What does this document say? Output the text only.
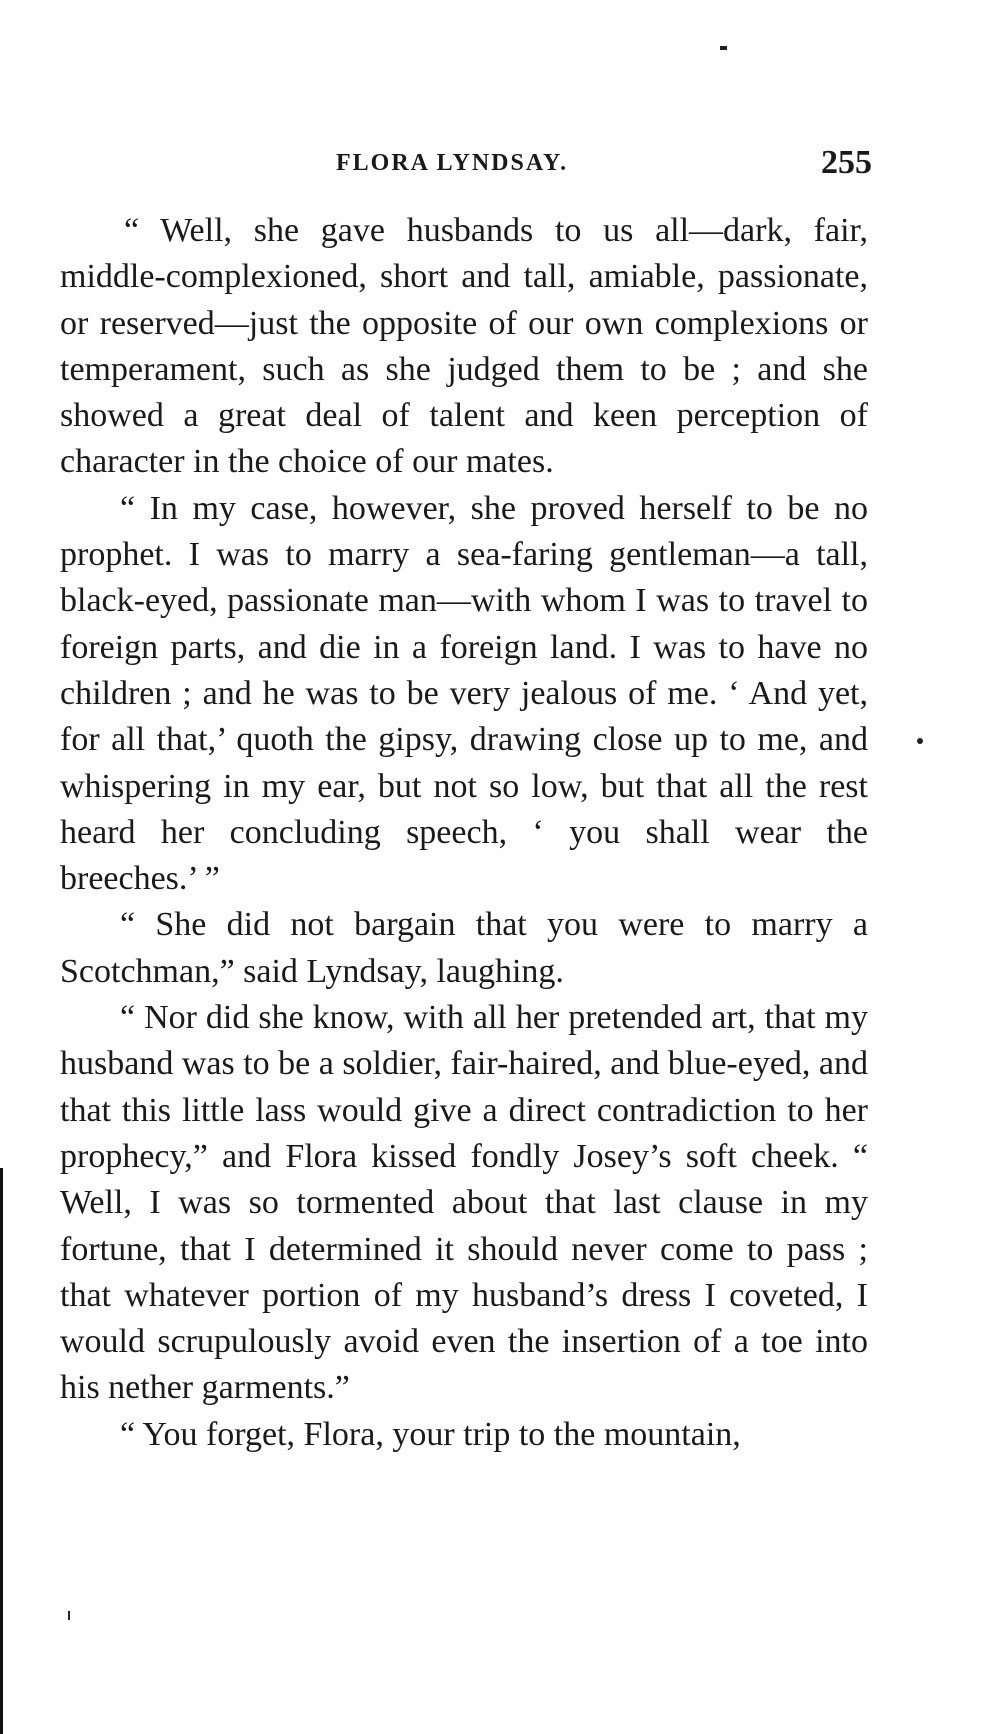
FLORA LYNDSAY.	255

“ Well, she gave husbands to us all—dark, fair, middle-complexioned, short and tall, amiable, passionate, or reserved—just the opposite of our own complexions or temperament, such as she judged them to be ; and she showed a great deal of talent and keen perception of character in the choice of our mates.

“ In my case, however, she proved herself to be no prophet. I was to marry a sea-faring gentleman—a tall, black-eyed, passionate man—with whom I was to travel to foreign parts, and die in a foreign land. I was to have no children ; and he was to be very jealous of me. ‘ And yet, for all that,’ quoth the gipsy, drawing close up to me, and whispering in my ear, but not so low, but that all the rest heard her concluding speech, ‘ you shall wear the breeches.’ ”

“ She did not bargain that you were to marry a Scotchman,” said Lyndsay, laughing.

“ Nor did she know, with all her pretended art, that my husband was to be a soldier, fair-haired, and blue-eyed, and that this little lass would give a direct contradiction to her prophecy,” and Flora kissed fondly Josey’s soft cheek. “ Well, I was so tormented about that last clause in my fortune, that I determined it should never come to pass ; that whatever portion of my husband’s dress I coveted, I would scrupulously avoid even the insertion of a toe into his nether garments.”

“ You forget, Flora, your trip to the mountain,
